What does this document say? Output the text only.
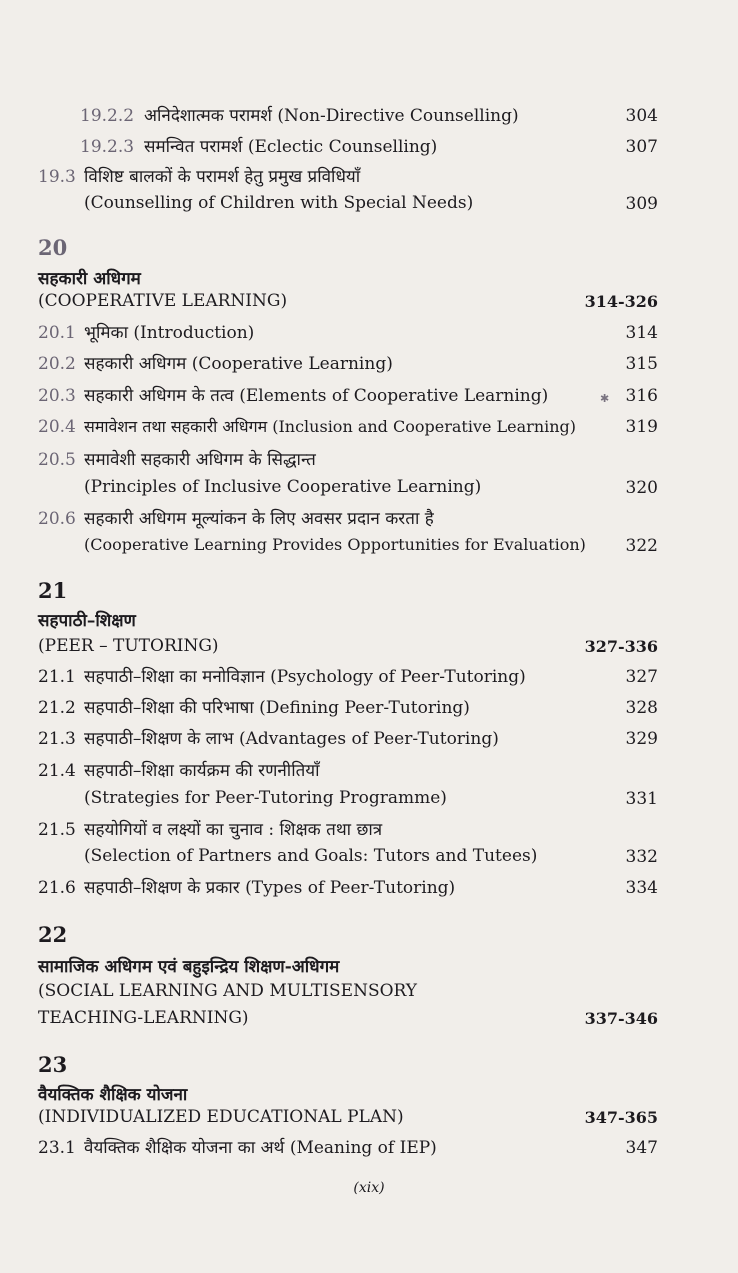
19.2.2 अनिदेशात्मक परामर्श (Non-Directive Counselling)	304
19.2.3 समन्वित परामर्श (Eclectic Counselling)	307
19.3 विशिष्ट बालकों के परामर्श हेतु प्रमुख प्रविधियाँ
(Counselling of Children with Special Needs)	309
20
सहकारी अधिगम
(COOPERATIVE LEARNING)	314-326
20.1 भूमिका (Introduction)	314
20.2 सहकारी अधिगम (Cooperative Learning)	315
20.3 सहकारी अधिगम के तत्व (Elements of Cooperative Learning)	316
✱
20.4 समावेशन तथा सहकारी अधिगम (Inclusion and Cooperative Learning)	319
20.5 समावेशी सहकारी अधिगम के सिद्धान्त
(Principles of Inclusive Cooperative Learning)	320
20.6 सहकारी अधिगम मूल्यांकन के लिए अवसर प्रदान करता है
(Cooperative Learning Provides Opportunities for Evaluation) 322
21
सहपाठी–शिक्षण
(PEER – TUTORING)	327-336
21.1 सहपाठी–शिक्षा का मनोविज्ञान (Psychology of Peer-Tutoring)	327
21.2 सहपाठी–शिक्षा की परिभाषा (Defining Peer-Tutoring)	328
21.3 सहपाठी–शिक्षण के लाभ (Advantages of Peer-Tutoring)	329
21.4 सहपाठी–शिक्षा कार्यक्रम की रणनीतियाँ
(Strategies for Peer-Tutoring Programme)	331
21.5 सहयोगियों व लक्ष्यों का चुनाव : शिक्षक तथा छात्र
(Selection of Partners and Goals: Tutors and Tutees)	332
21.6 सहपाठी–शिक्षण के प्रकार (Types of Peer-Tutoring)	334
22
सामाजिक अधिगम एवं बहुइन्द्रिय शिक्षण-अधिगम
(SOCIAL LEARNING AND MULTISENSORY
TEACHING-LEARNING)	337-346
23
वैयक्तिक शैक्षिक योजना
(INDIVIDUALIZED EDUCATIONAL PLAN)	347-365
23.1 वैयक्तिक शैक्षिक योजना का अर्थ (Meaning of IEP)	347
(xix)
